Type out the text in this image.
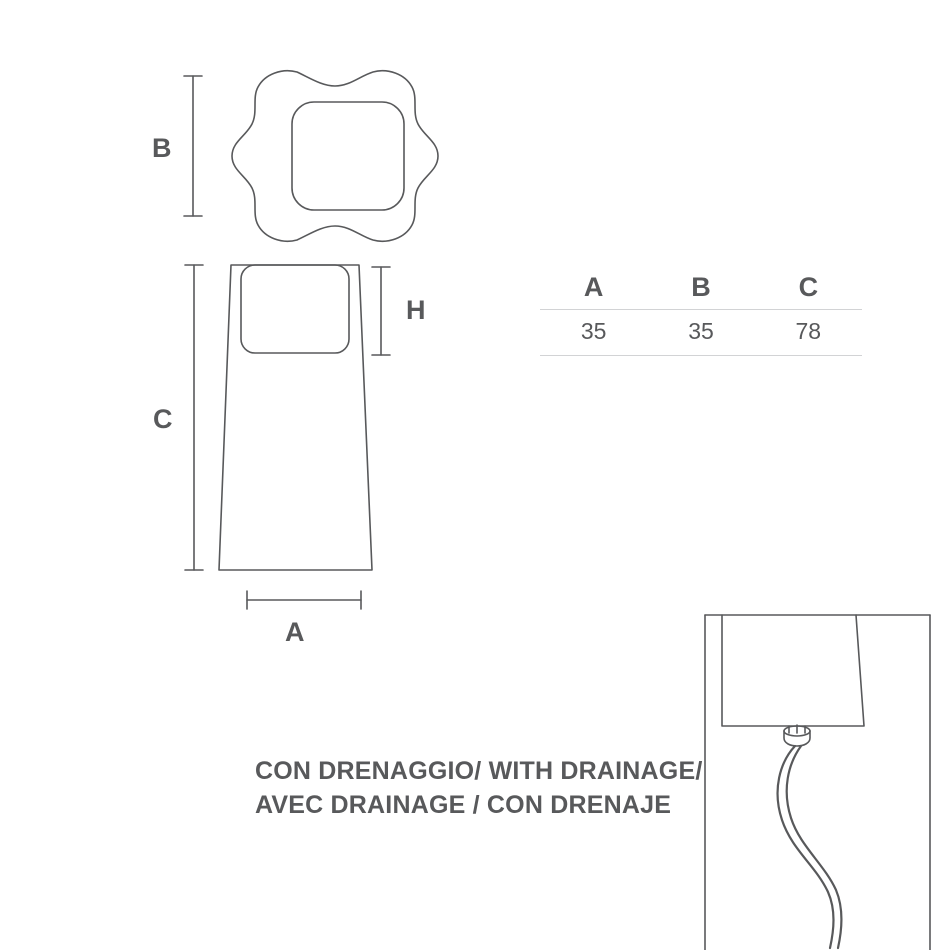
B
H
C
A
A	B	C
35	35	78
CON DRENAGGIO/ WITH DRAINAGE/
AVEC DRAINAGE / CON DRENAJE
